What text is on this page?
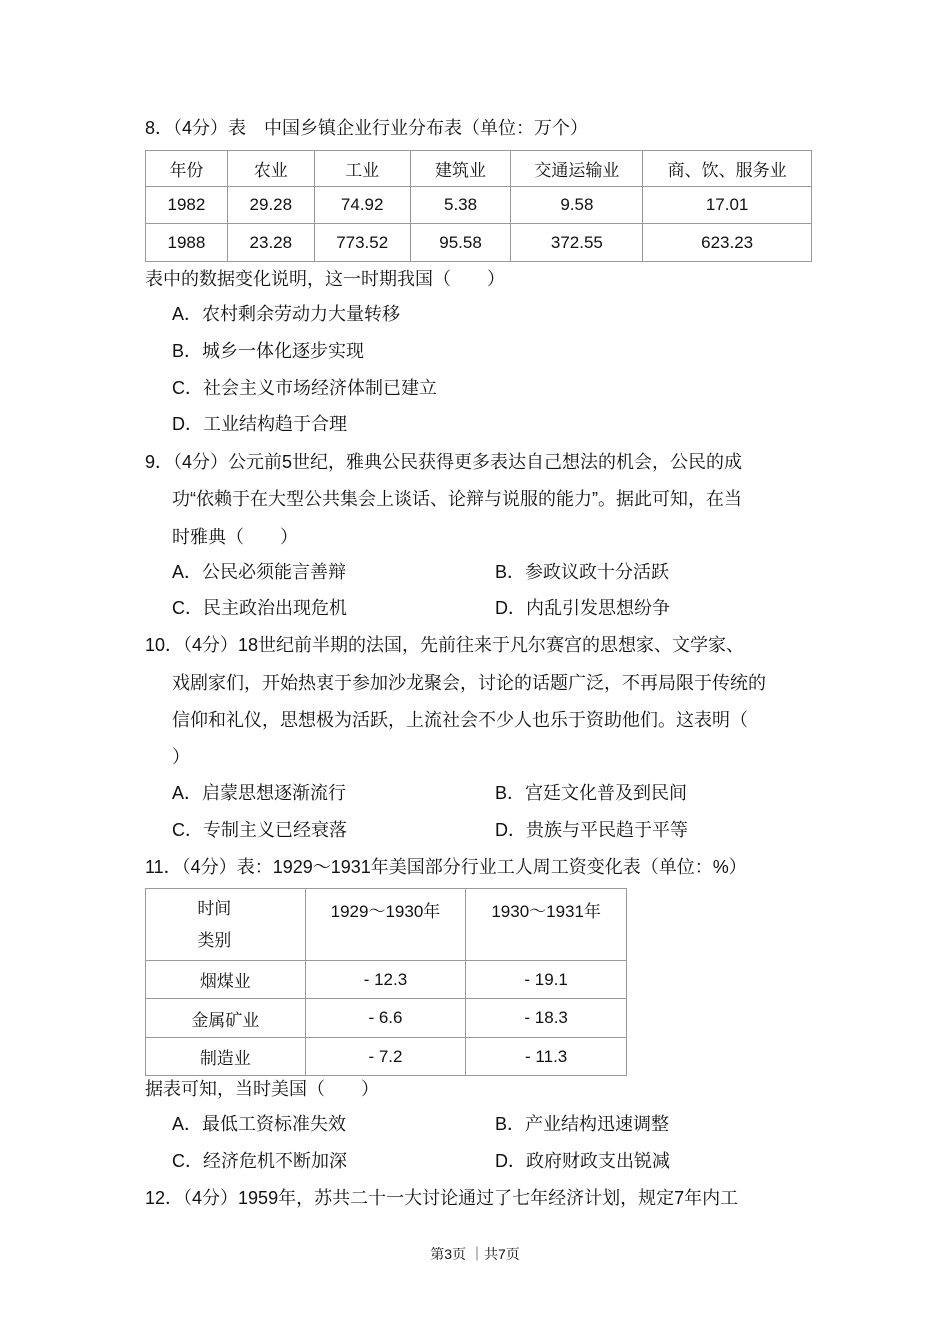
8．（4分）表　中国乡镇企业行业分布表（单位：万个）
年份	农业	工业	建筑业	交通运输业	商、饮、服务业
1982	29.28	74.92	5.38	9.58	17.01
1988	23.28	773.52	95.58	372.55	623.23
表中的数据变化说明，这一时期我国（　　）
A．农村剩余劳动力大量转移
B．城乡一体化逐步实现
C．社会主义市场经济体制已建立
D．工业结构趋于合理
9．（4分）公元前5世纪，雅典公民获得更多表达自己想法的机会，公民的成
功“依赖于在大型公共集会上谈话、论辩与说服的能力”。据此可知，在当
时雅典（　　）
A．公民必须能言善辩	B．参政议政十分活跃
C．民主政治出现危机	D．内乱引发思想纷争
10．（4分）18世纪前半期的法国，先前往来于凡尔赛宫的思想家、文学家、
戏剧家们，开始热衷于参加沙龙聚会，讨论的话题广泛，不再局限于传统的
信仰和礼仪，思想极为活跃，上流社会不少人也乐于资助他们。这表明（
）
A．启蒙思想逐渐流行	B．宫廷文化普及到民间
C．专制主义已经衰落	D．贵族与平民趋于平等
11．（4分）表：1929～1931年美国部分行业工人周工资变化表（单位：%）
时间
类别	1929～1930年	1930～1931年
烟煤业	- 12.3	- 19.1
金属矿业	- 6.6	- 18.3
制造业	- 7.2	- 11.3
据表可知，当时美国（　　）
A．最低工资标准失效	B．产业结构迅速调整
C．经济危机不断加深	D．政府财政支出锐减
12．（4分）1959年，苏共二十一大讨论通过了七年经济计划，规定7年内工
第3页 ｜共7页
